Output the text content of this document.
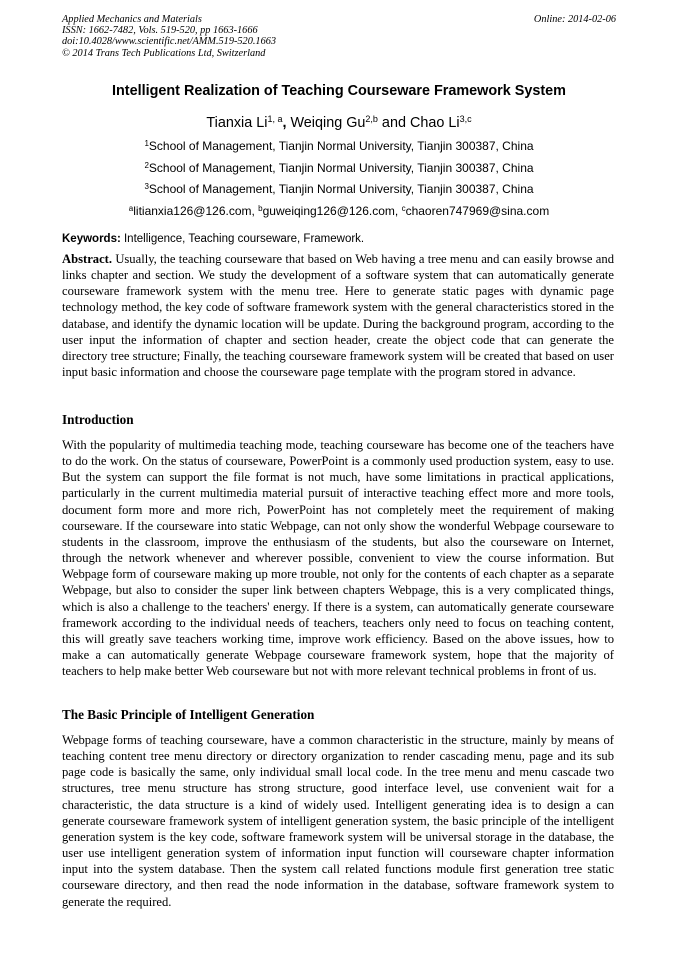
Applied Mechanics and Materials
ISSN: 1662-7482, Vols. 519-520, pp 1663-1666
doi:10.4028/www.scientific.net/AMM.519-520.1663
© 2014 Trans Tech Publications Ltd, Switzerland
Online: 2014-02-06
Intelligent Realization of Teaching Courseware Framework System
Tianxia Li$^{1, a}$, Weiqing Gu$^{2,b}$ and Chao Li$^{3,c}$
$^1$School of Management, Tianjin Normal University, Tianjin 300387, China
$^2$School of Management, Tianjin Normal University, Tianjin 300387, China
$^3$School of Management, Tianjin Normal University, Tianjin 300387, China
$^a$litianxia126@126.com, $^b$guweiqing126@126.com, $^c$chaoren747969@sina.com
Keywords: Intelligence, Teaching courseware, Framework.
Abstract. Usually, the teaching courseware that based on Web having a tree menu and can easily browse and links chapter and section. We study the development of a software system that can automatically generate courseware framework system with the menu tree. Here to generate static pages with dynamic page technology method, the key code of software framework system with the general characteristics stored in the database, and identify the dynamic location will be update. During the background program, according to the user input the information of chapter and section header, create the object code that can generate the directory tree structure; Finally, the teaching courseware framework system will be created that based on user input basic information and choose the courseware page template with the program stored in advance.
Introduction
With the popularity of multimedia teaching mode, teaching courseware has become one of the teachers have to do the work. On the status of courseware, PowerPoint is a commonly used production system, easy to use. But the system can support the file format is not much, have some limitations in practical applications, particularly in the current multimedia material pursuit of interactive teaching effect more and more tools, document form more and more rich, PowerPoint has not completely meet the requirement of making courseware. If the courseware into static Webpage, can not only show the wonderful Webpage courseware to students in the classroom, improve the enthusiasm of the students, but also the courseware on Internet, through the network whenever and wherever possible, convenient to view the course information. But Webpage form of courseware making up more trouble, not only for the contents of each chapter as a separate Webpage, but also to consider the super link between chapters Webpage, this is a very complicated things, which is also a challenge to the teachers' energy. If there is a system, can automatically generate courseware framework according to the individual needs of teachers, teachers only need to focus on teaching content, this will greatly save teachers working time, improve work efficiency. Based on the above issues, how to make a can automatically generate Webpage courseware framework system, hope that the majority of teachers to help make better Web courseware but not with more relevant technical problems in front of us.
The Basic Principle of Intelligent Generation
Webpage forms of teaching courseware, have a common characteristic in the structure, mainly by means of teaching content tree menu directory or directory organization to render cascading menu, page and its sub page code is basically the same, only individual small local code. In the tree menu and menu cascade two structures, tree menu structure has strong structure, good interface level, use convenient wait for a characteristic, the data structure is a kind of widely used. Intelligent generating idea is to design a can generate courseware framework system of intelligent generation system, the basic principle of the intelligent generation system is the key code, software framework system will be universal storage in the database, the user use intelligent generation system of information input function will courseware chapter information input into the system database. Then the system call related functions module first generation tree static courseware directory, and then read the node information in the database, software framework system to generate the required.
